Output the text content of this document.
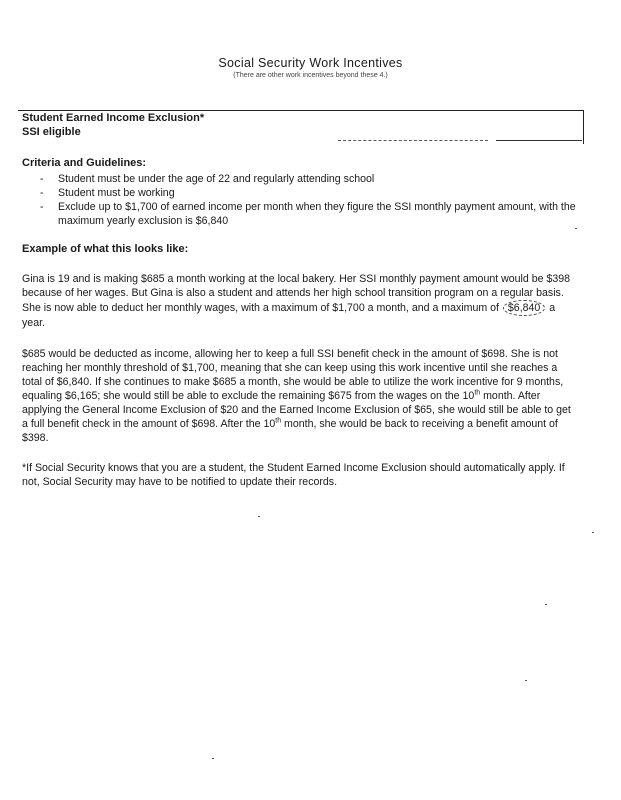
Social Security Work Incentives
(There are other work incentives beyond these 4.)
Student Earned Income Exclusion*
SSI eligible
Criteria and Guidelines:

- Student must be under the age of 22 and regularly attending school

- Student must be working

- Exclude up to $1,700 of earned income per month when they figure the SSI monthly payment amount, with the maximum yearly exclusion is $6,840

Example of what this looks like:

Gina is 19 and is making $685 a month working at the local bakery. Her SSI monthly payment amount would be $398 because of her wages. But Gina is also a student and attends her high school transition program on a regular basis. She is now able to deduct her monthly wages, with a maximum of $1,700 a month, and a maximum of $6,840 a year.

$685 would be deducted as income, allowing her to keep a full SSI benefit check in the amount of $698. She is not reaching her monthly threshold of $1,700, meaning that she can keep using this work incentive until she reaches a total of $6,840. If she continues to make $685 a month, she would be able to utilize the work incentive for 9 months, equaling $6,165; she would still be able to exclude the remaining $675 from the wages on the 10th month. After applying the General Income Exclusion of $20 and the Earned Income Exclusion of $65, she would still be able to get a full benefit check in the amount of $698. After the 10th month, she would be back to receiving a benefit amount of $398.

*If Social Security knows that you are a student, the Student Earned Income Exclusion should automatically apply. If not, Social Security may have to be notified to update their records.
